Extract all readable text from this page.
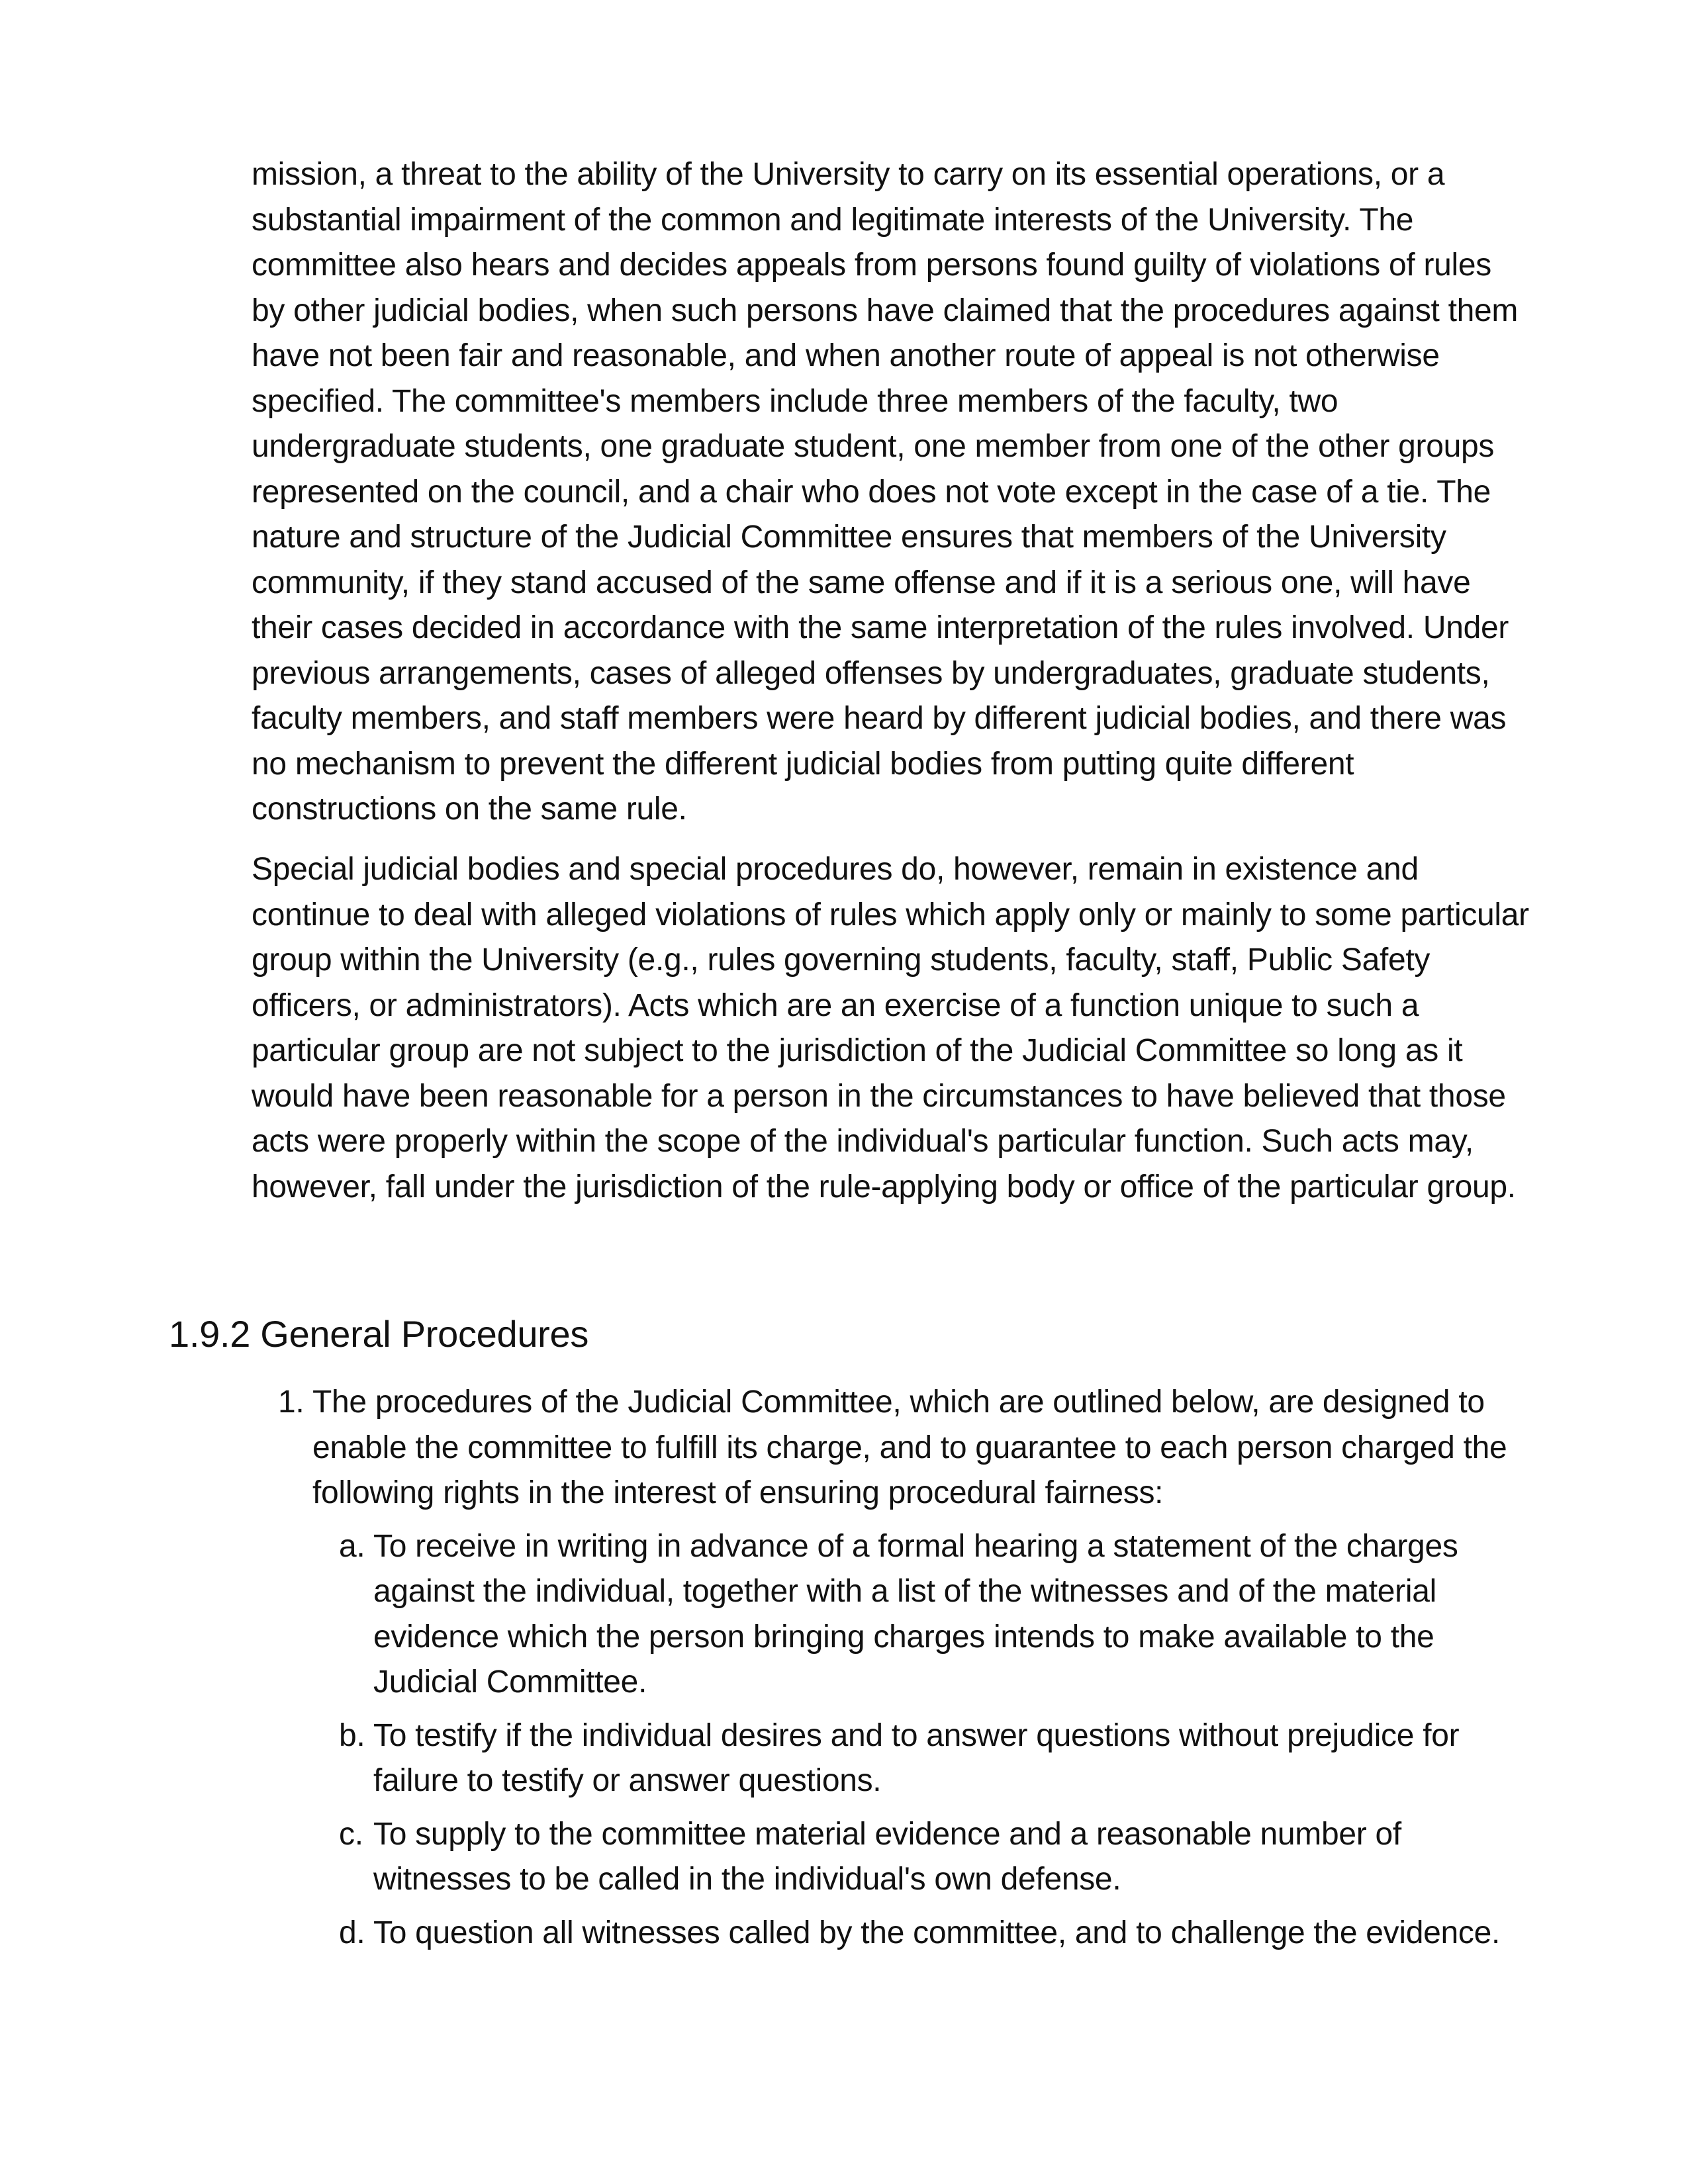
mission, a threat to the ability of the University to carry on its essential operations, or a substantial impairment of the common and legitimate interests of the University. The committee also hears and decides appeals from persons found guilty of violations of rules by other judicial bodies, when such persons have claimed that the procedures against them have not been fair and reasonable, and when another route of appeal is not otherwise specified. The committee's members include three members of the faculty, two undergraduate students, one graduate student, one member from one of the other groups represented on the council, and a chair who does not vote except in the case of a tie. The nature and structure of the Judicial Committee ensures that members of the University community, if they stand accused of the same offense and if it is a serious one, will have their cases decided in accordance with the same interpretation of the rules involved. Under previous arrangements, cases of alleged offenses by undergraduates, graduate students, faculty members, and staff members were heard by different judicial bodies, and there was no mechanism to prevent the different judicial bodies from putting quite different constructions on the same rule.

Special judicial bodies and special procedures do, however, remain in existence and continue to deal with alleged violations of rules which apply only or mainly to some particular group within the University (e.g., rules governing students, faculty, staff, Public Safety officers, or administrators). Acts which are an exercise of a function unique to such a particular group are not subject to the jurisdiction of the Judicial Committee so long as it would have been reasonable for a person in the circumstances to have believed that those acts were properly within the scope of the individual's particular function. Such acts may, however, fall under the jurisdiction of the rule-applying body or office of the particular group.

1.9.2 General Procedures
1. The procedures of the Judicial Committee, which are outlined below, are designed to enable the committee to fulfill its charge, and to guarantee to each person charged the following rights in the interest of ensuring procedural fairness:

a. To receive in writing in advance of a formal hearing a statement of the charges against the individual, together with a list of the witnesses and of the material evidence which the person bringing charges intends to make available to the Judicial Committee.

b. To testify if the individual desires and to answer questions without prejudice for failure to testify or answer questions.

c. To supply to the committee material evidence and a reasonable number of witnesses to be called in the individual's own defense.

d. To question all witnesses called by the committee, and to challenge the evidence.
